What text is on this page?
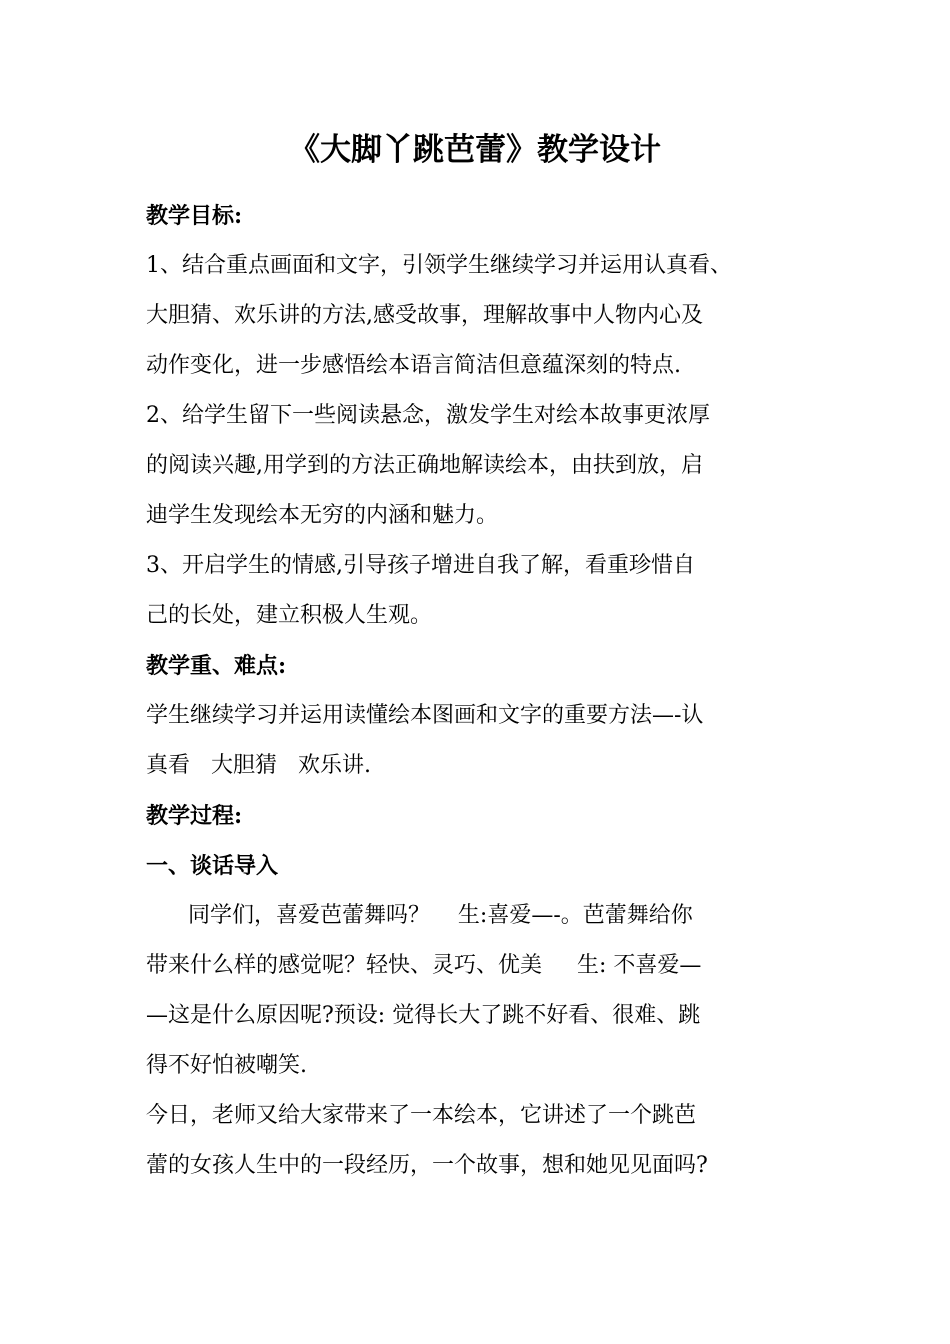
《大脚丫跳芭蕾》教学设计

教学目标:

1、结合重点画面和文字，引领学生继续学习并运用认真看、

大胆猜、欢乐讲的方法,感受故事，理解故事中人物内心及

动作变化，进一步感悟绘本语言简洁但意蕴深刻的特点.

2、给学生留下一些阅读悬念，激发学生对绘本故事更浓厚

的阅读兴趣,用学到的方法正确地解读绘本，由扶到放，启

迪学生发现绘本无穷的内涵和魅力。

3、开启学生的情感,引导孩子增进自我了解，看重珍惜自

己的长处，建立积极人生观。

教学重、难点:

学生继续学习并运用读懂绘本图画和文字的重要方法—-认

真看   大胆猜   欢乐讲.

教学过程:

一、谈话导入

同学们，喜爱芭蕾舞吗？    生:喜爱—-。芭蕾舞给你

带来什么样的感觉呢？轻快、灵巧、优美     生: 不喜爱—

—这是什么原因呢?预设: 觉得长大了跳不好看、很难、跳

得不好怕被嘲笑.

今日，老师又给大家带来了一本绘本，它讲述了一个跳芭

蕾的女孩人生中的一段经历，一个故事，想和她见见面吗?
